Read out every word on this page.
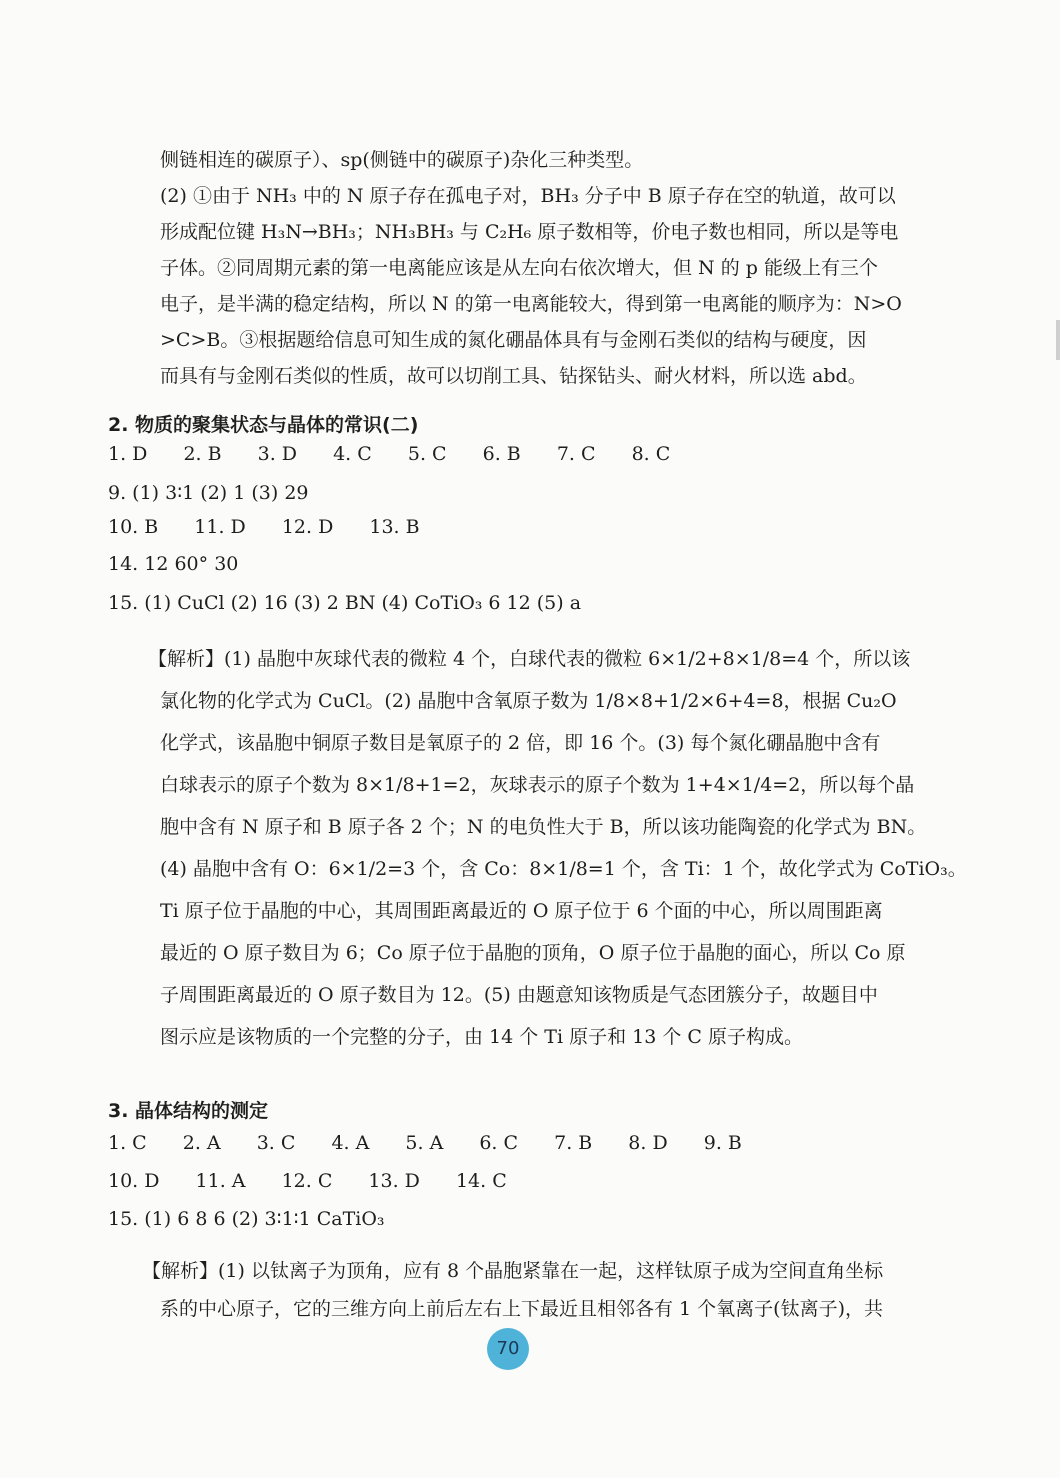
侧链相连的碳原子）、sp(侧链中的碳原子)杂化三种类型。
(2) ①由于 NH₃ 中的 N 原子存在孤电子对，BH₃ 分子中 B 原子存在空的轨道，故可以
形成配位键 H₃N→BH₃；NH₃BH₃ 与 C₂H₆ 原子数相等，价电子数也相同，所以是等电
子体。②同周期元素的第一电离能应该是从左向右依次增大，但 N 的 p 能级上有三个
电子，是半满的稳定结构，所以 N 的第一电离能较大，得到第一电离能的顺序为：N>O
>C>B。③根据题给信息可知生成的氮化硼晶体具有与金刚石类似的结构与硬度，因
而具有与金刚石类似的性质，故可以切削工具、钻探钻头、耐火材料，所以选 abd。
2. 物质的聚集状态与晶体的常识(二)
1. D 2. B 3. D 4. C 5. C 6. B 7. C 8. C
9. (1) 3∶1 (2) 1 (3) 29
10. B 11. D 12. D 13. B
14. 12 60° 30
15. (1) CuCl (2) 16 (3) 2 BN (4) CoTiO₃ 6 12 (5) a
【解析】(1) 晶胞中灰球代表的微粒 4 个，白球代表的微粒 6×1/2+8×1/8=4 个，所以该
氯化物的化学式为 CuCl。(2) 晶胞中含氧原子数为 1/8×8+1/2×6+4=8，根据 Cu₂O
化学式，该晶胞中铜原子数目是氧原子的 2 倍，即 16 个。(3) 每个氮化硼晶胞中含有
白球表示的原子个数为 8×1/8+1=2，灰球表示的原子个数为 1+4×1/4=2，所以每个晶
胞中含有 N 原子和 B 原子各 2 个；N 的电负性大于 B，所以该功能陶瓷的化学式为 BN。
(4) 晶胞中含有 O：6×1/2=3 个，含 Co：8×1/8=1 个，含 Ti：1 个，故化学式为 CoTiO₃。
Ti 原子位于晶胞的中心，其周围距离最近的 O 原子位于 6 个面的中心，所以周围距离
最近的 O 原子数目为 6；Co 原子位于晶胞的顶角，O 原子位于晶胞的面心，所以 Co 原
子周围距离最近的 O 原子数目为 12。(5) 由题意知该物质是气态团簇分子，故题目中
图示应是该物质的一个完整的分子，由 14 个 Ti 原子和 13 个 C 原子构成。
3. 晶体结构的测定
1. C 2. A 3. C 4. A 5. A 6. C 7. B 8. D 9. B
10. D 11. A 12. C 13. D 14. C
15. (1) 6 8 6 (2) 3∶1∶1 CaTiO₃
【解析】(1) 以钛离子为顶角，应有 8 个晶胞紧靠在一起，这样钛原子成为空间直角坐标
系的中心原子，它的三维方向上前后左右上下最近且相邻各有 1 个氧离子(钛离子)，共
70
